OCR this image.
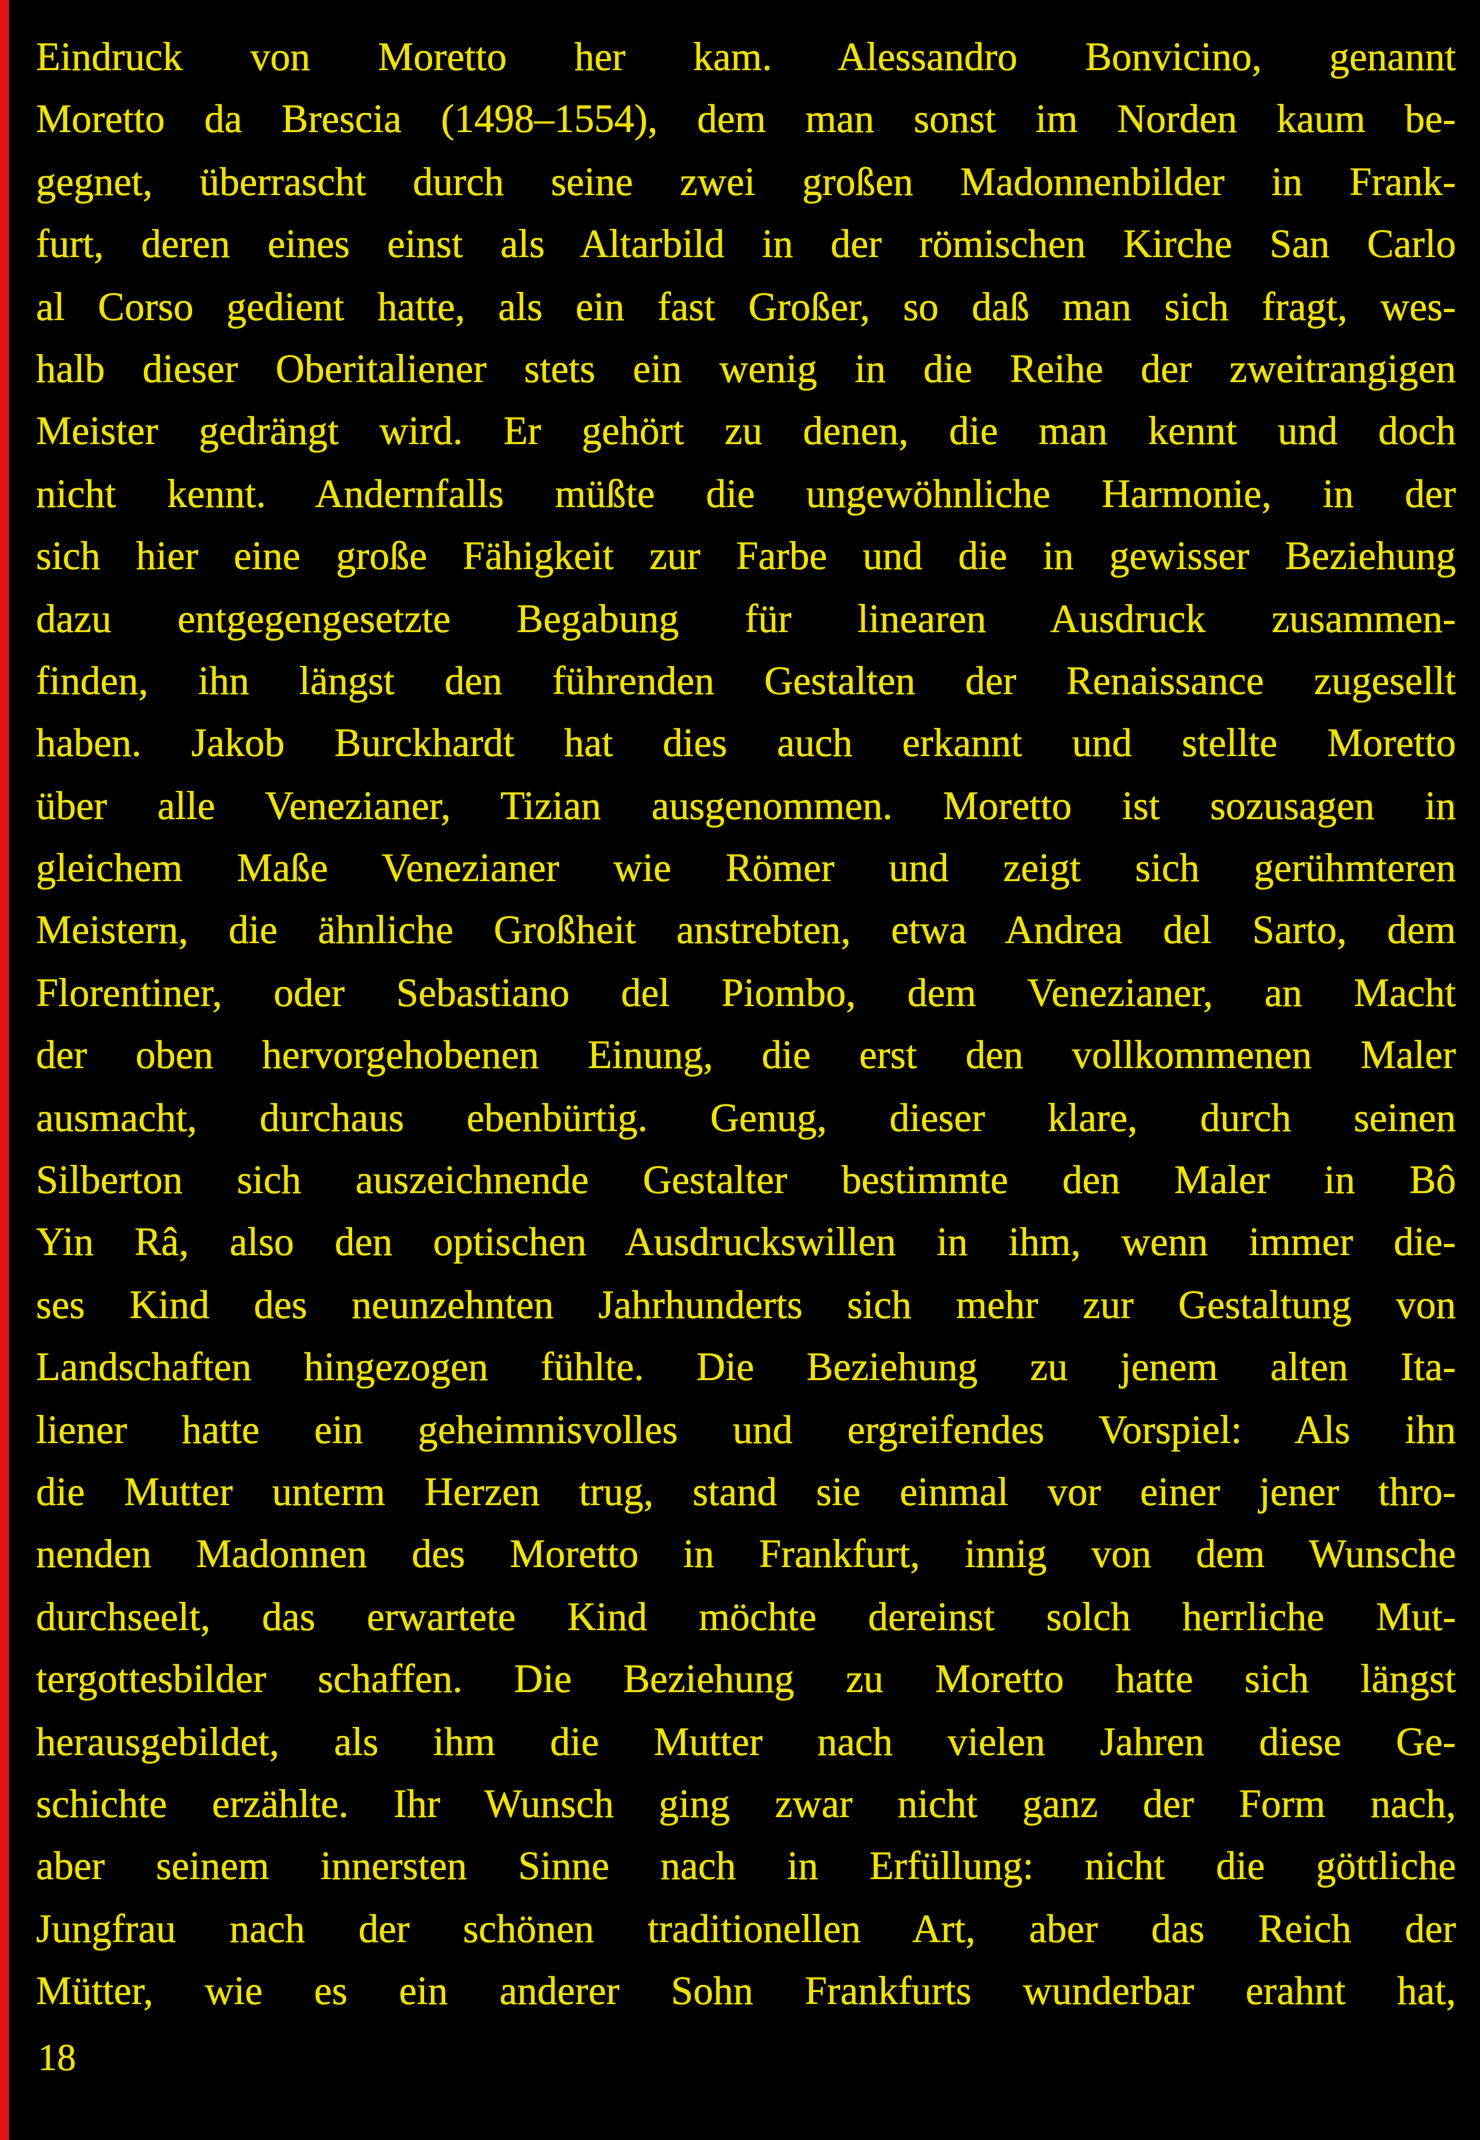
Eindruck von Moretto her kam. Alessandro Bonvicino, genannt
Moretto da Brescia (1498–1554), dem man sonst im Norden kaum be-
gegnet, überrascht durch seine zwei großen Madonnenbilder in Frank-
furt, deren eines einst als Altarbild in der römischen Kirche San Carlo
al Corso gedient hatte, als ein fast Großer, so daß man sich fragt, wes-
halb dieser Oberitaliener stets ein wenig in die Reihe der zweitrangigen
Meister gedrängt wird. Er gehört zu denen, die man kennt und doch
nicht kennt. Andernfalls müßte die ungewöhnliche Harmonie, in der
sich hier eine große Fähigkeit zur Farbe und die in gewisser Beziehung
dazu entgegengesetzte Begabung für linearen Ausdruck zusammen-
finden, ihn längst den führenden Gestalten der Renaissance zugesellt
haben. Jakob Burckhardt hat dies auch erkannt und stellte Moretto
über alle Venezianer, Tizian ausgenommen. Moretto ist sozusagen in
gleichem Maße Venezianer wie Römer und zeigt sich gerühmteren
Meistern, die ähnliche Großheit anstrebten, etwa Andrea del Sarto, dem
Florentiner, oder Sebastiano del Piombo, dem Venezianer, an Macht
der oben hervorgehobenen Einung, die erst den vollkommenen Maler
ausmacht, durchaus ebenbürtig. Genug, dieser klare, durch seinen
Silberton sich auszeichnende Gestalter bestimmte den Maler in Bô
Yin Râ, also den optischen Ausdruckswillen in ihm, wenn immer die-
ses Kind des neunzehnten Jahrhunderts sich mehr zur Gestaltung von
Landschaften hingezogen fühlte. Die Beziehung zu jenem alten Ita-
liener hatte ein geheimnisvolles und ergreifendes Vorspiel: Als ihn
die Mutter unterm Herzen trug, stand sie einmal vor einer jener thro-
nenden Madonnen des Moretto in Frankfurt, innig von dem Wunsche
durchseelt, das erwartete Kind möchte dereinst solch herrliche Mut-
tergottesbilder schaffen. Die Beziehung zu Moretto hatte sich längst
herausgebildet, als ihm die Mutter nach vielen Jahren diese Ge-
schichte erzählte. Ihr Wunsch ging zwar nicht ganz der Form nach,
aber seinem innersten Sinne nach in Erfüllung: nicht die göttliche
Jungfrau nach der schönen traditionellen Art, aber das Reich der
Mütter, wie es ein anderer Sohn Frankfurts wunderbar erahnt hat,
18
